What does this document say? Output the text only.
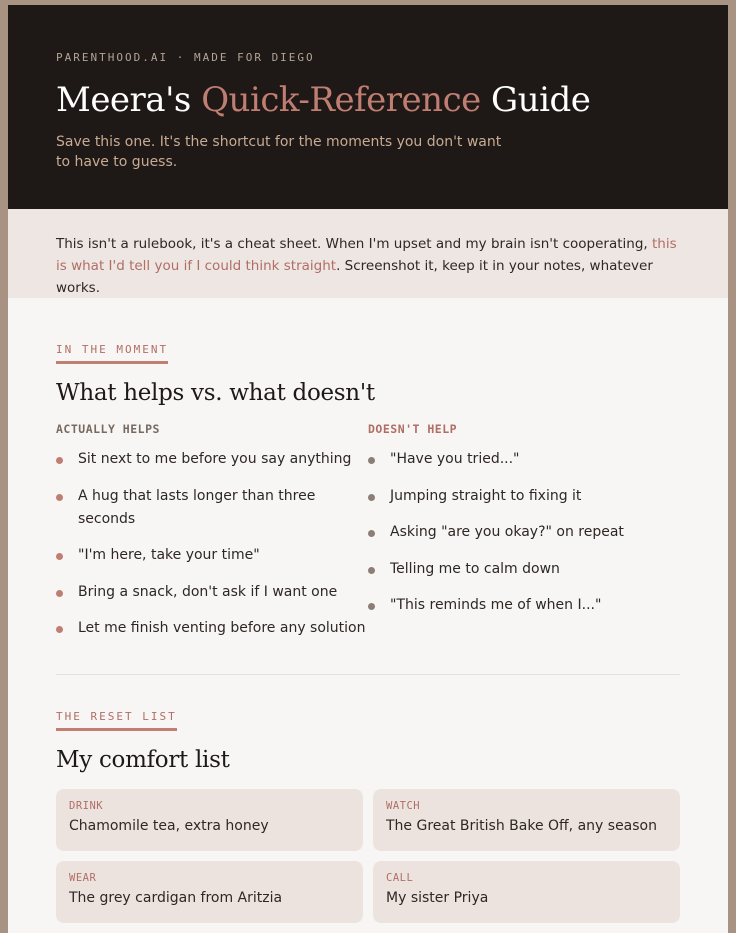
PARENTHOOD.AI · MADE FOR DIEGO

Meera's Quick-Reference Guide

Save this one. It's the shortcut for the moments you don't want to have to guess.

This isn't a rulebook, it's a cheat sheet. When I'm upset and my brain isn't cooperating, this is what I'd tell you if I could think straight. Screenshot it, keep it in your notes, whatever works.
IN THE MOMENT
What helps vs. what doesn't

ACTUALLY HELPS

Sit next to me before you say anything
A hug that lasts longer than three seconds
"I'm here, take your time"
Bring a snack, don't ask if I want one
Let me finish venting before any solution

DOESN'T HELP

"Have you tried..."
Jumping straight to fixing it
Asking "are you okay?" on repeat
Telling me to calm down
"This reminds me of when I..."
THE RESET LIST
My comfort list
DRINK
Chamomile tea, extra honey
WATCH
The Great British Bake Off, any season
WEAR
The grey cardigan from Aritzia
CALL
My sister Priya
